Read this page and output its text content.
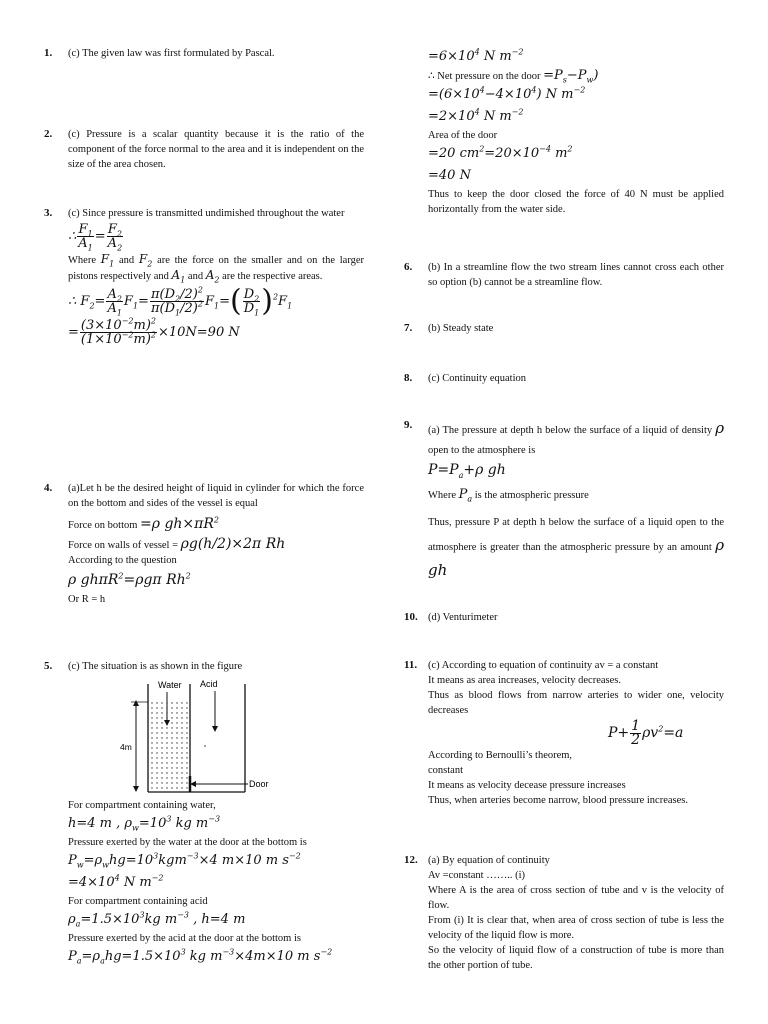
1. (c) The given law was first formulated by Pascal.

2. (c) Pressure is a scalar quantity because it is the ratio of the component of the force normal to the area and it is independent on the size of the area chosen.

3. (c) Since pressure is transmitted undimished throughout the water

∴ $\frac{F_1}{A_1} = \frac{F_2}{A_2}$

Where $F_1$ and $F_2$ are the force on the smaller and on the larger pistons respectively and $A_1$ and $A_2$ are the respective areas.

∴ $F_2= \frac{A_2}{A_1} F_1= \frac{\pi(D_2/2)^2}{\pi(D_1/2)^2} F_1=( \frac{D_2}{D_1} )^2F_1$
= $\frac{(3\times 10^{-2}m)^2}{(1\times 10^{-2}m)^2} \times 10N=90$ N
4. (a)Let h be the desired height of liquid in cylinder for which the force on the bottom and sides of the vessel is equal

Force on bottom =ρ $gh\times\pi R^2$

Force on walls of vessel = ρg(h/2)×2π Rh

According to the question

ρ ghπR$^2$=ρgπ Rh$^2$

Or R = h

5. (c) The situation is as shown in the figure

Water Acid
4m
Door

For compartment containing water,

h=4 m , $\rho_w=10^3$ kg $m^{-3}$

Pressure exerted by the water at the door at the bottom is

$P_w=\rho_whg=10^3kgm^{-3}\times 4$ m×10 m $s^{-2}$
$=4\times 10^4$ N $m^{-2}$

For compartment containing acid

$\rho_a=1.5\times 10^3kg$ $m^{-3}$ , h=4 m

Pressure exerted by the acid at the door at the bottom is

$P_a=\rho_ahg=1.5\times 10^3$ kg $m^{-3}\times 4m\times 10$ m $s^{-2}$
$=6\times 10^4$ N $m^{-2}$

∴ Net pressure on the door $=P_s-P_w$)

$=(6\times 10^4-4\times 10^4)$ N $m^{-2}$
$=2\times 10^4$ N $m^{-2}$

Area of the door

=20 $cm^2=20\times 10^{-4}$ $m^2$
=40 N

Thus to keep the door closed the force of 40 N must be applied horizontally from the water side.

6. (b) In a streamline flow the two stream lines cannot cross each other so option (b) cannot be a streamline flow.

7. (b) Steady state

8. (c) Continuity equation

9. (a) The pressure at depth h below the surface of a liquid of density ρ open to the atmosphere is

$P=P_a+\rho$ gh

Where $P_a$ is the atmospheric pressure

Thus, pressure P at depth h below the surface of a liquid open to the atmosphere is greater than the atmospheric pressure by an amount ρ gh

10. (d) Venturimeter

11. (c) According to equation of continuity av = a constant

It means as area increases, velocity decreases.

Thus as blood flows from narrow arteries to wider one, velocity decreases

$P+ \frac{1}{2} \rho v^2=a$

According to Bernoulli’s theorem,

constant

It means as velocity decease pressure increases

Thus, when arteries become narrow, blood pressure increases.

12. (a) By equation of continuity

Av =constant …….. (i)

Where A is the area of cross section of tube and v is the velocity of flow.

From (i) It is clear that, when area of cross section of tube is less the velocity of the liquid flow is more.

So the velocity of liquid flow of a construction of tube is more than the other portion of tube.
